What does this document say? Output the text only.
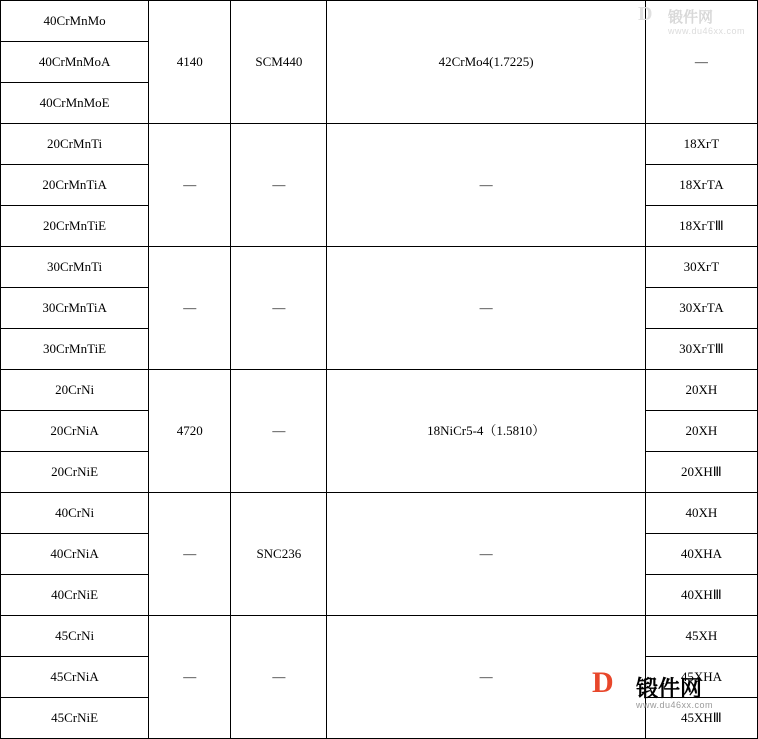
40CrMnMo	4140	SCM440	42CrMo4(1.7225)	—
40CrMnMoA				
40CrMnMoE				
20CrMnTi	—	—	—	18ХгТ
20CrMnTiA				18ХгТА
20CrMnTiE				18ХгТⅢ
30CrMnTi	—	—	—	30ХгТ
30CrMnTiA				30ХгТА
30CrMnTiE				30ХгТⅢ
20CrNi	4720	—	18NiCr5-4（1.5810）	20ХН
20CrNiA				20ХН
20CrNiE				20ХНⅢ
40CrNi	—	SNC236	—	40ХН
40CrNiA				40ХНА
40CrNiE				40ХНⅢ
45CrNi	—	—	—	45ХН
45CrNiA				45ХНА
45CrNiE				45ХНⅢ
D 锻件网
www.du46xx.com
D 锻件网
www.du46xx.com
